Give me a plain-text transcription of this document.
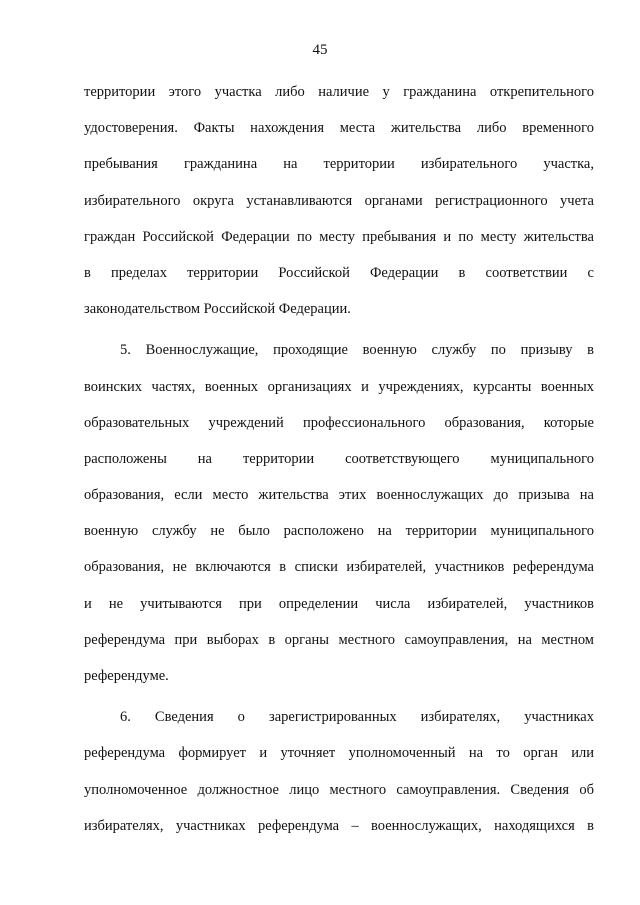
45
территории этого участка либо наличие у гражданина открепительного
удостоверения. Факты нахождения места жительства либо временного
пребывания гражданина на территории избирательного участка,
избирательного округа устанавливаются органами регистрационного учета
граждан Российской Федерации по месту пребывания и по месту жительства
в пределах территории Российской Федерации в соответствии с
законодательством Российской Федерации.
5. Военнослужащие, проходящие военную службу по призыву в
воинских частях, военных организациях и учреждениях, курсанты военных
образовательных учреждений профессионального образования, которые
расположены на территории соответствующего муниципального
образования, если место жительства этих военнослужащих до призыва на
военную службу не было расположено на территории муниципального
образования, не включаются в списки избирателей, участников референдума
и не учитываются при определении числа избирателей, участников
референдума при выборах в органы местного самоуправления, на местном
референдуме.
6. Сведения о зарегистрированных избирателях, участниках
референдума формирует и уточняет уполномоченный на то орган или
уполномоченное должностное лицо местного самоуправления. Сведения об
избирателях, участниках референдума – военнослужащих, находящихся в
